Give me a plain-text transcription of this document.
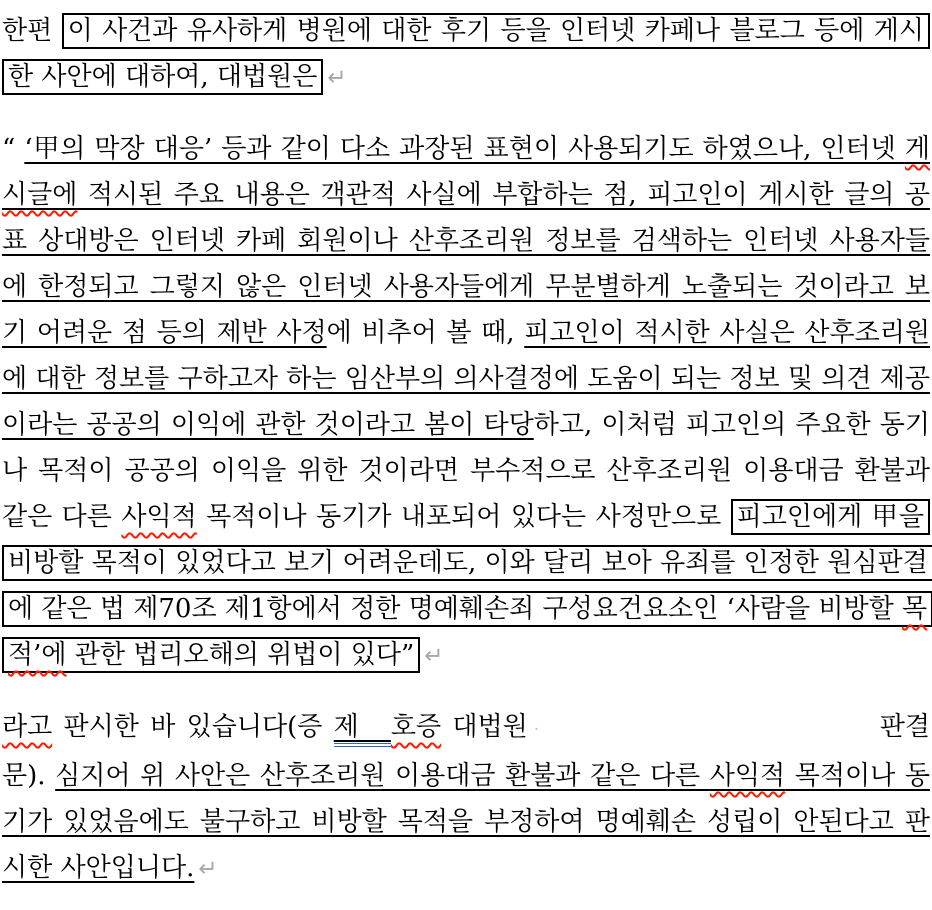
한편 이 사건과 유사하게 병원에 대한 후기 등을 인터넷 카페나 블로그 등에 게시한 사안에 대하여, 대법원은 ↵

“ ‘甲의 막장 대응’ 등과 같이 다소 과장된 표현이 사용되기도 하였으나, 인터넷 게시글에 적시된 주요 내용은 객관적 사실에 부합하는 점, 피고인이 게시한 글의 공표 상대방은 인터넷 카페 회원이나 산후조리원 정보를 검색하는 인터넷 사용자들에 한정되고 그렇지 않은 인터넷 사용자들에게 무분별하게 노출되는 것이라고 보기 어려운 점 등의 제반 사정에 비추어 볼 때, 피고인이 적시한 사실은 산후조리원에 대한 정보를 구하고자 하는 임산부의 의사결정에 도움이 되는 정보 및 의견 제공이라는 공공의 이익에 관한 것이라고 봄이 타당하고, 이처럼 피고인의 주요한 동기나 목적이 공공의 이익을 위한 것이라면 부수적으로 산후조리원 이용대금 환불과 같은 다른 사익적 목적이나 동기가 내포되어 있다는 사정만으로 피고인에게 甲을 비방할 목적이 있었다고 보기 어려운데도, 이와 달리 보아 유죄를 인정한 원심판결에 같은 법 제70조 제1항에서 정한 명예훼손죄 구성요건요소인 ‘사람을 비방할 목적’에 관한 법리오해의 위법이 있다” ↵

라고 판시한 바 있습니다(증 제　호증 대법원 ·	판결문). 심지어 위 사안은 산후조리원 이용대금 환불과 같은 다른 사익적 목적이나 동기가 있었음에도 불구하고 비방할 목적을 부정하여 명예훼손 성립이 안된다고 판시한 사안입니다. ↵
